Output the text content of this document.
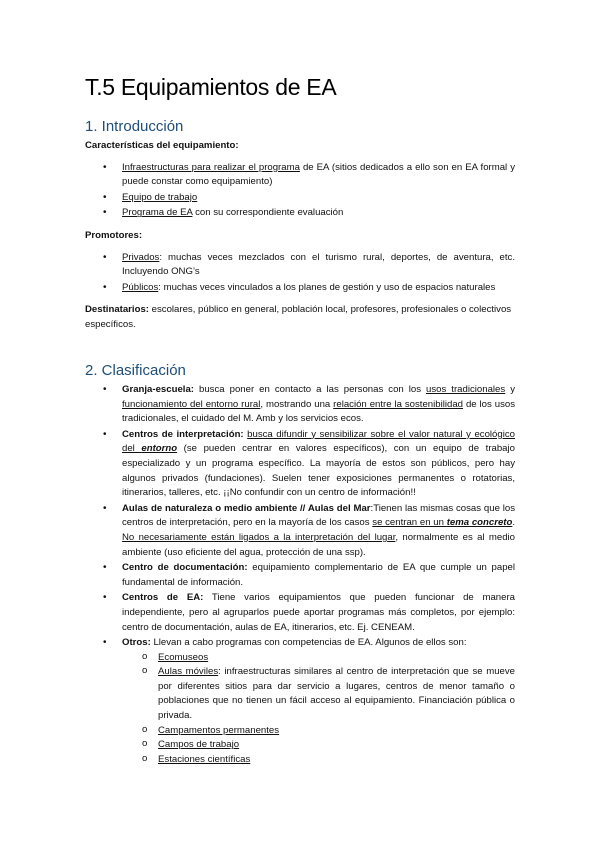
T.5 Equipamientos de EA
1. Introducción

Características del equipamiento:

• Infraestructuras para realizar el programa de EA (sitios dedicados a ello son en EA formal y puede constar como equipamiento)
• Equipo de trabajo
• Programa de EA con su correspondiente evaluación

Promotores:

• Privados: muchas veces mezclados con el turismo rural, deportes, de aventura, etc. Incluyendo ONG’s
• Públicos: muchas veces vinculados a los planes de gestión y uso de espacios naturales

Destinatarios: escolares, público en general, población local, profesores, profesionales o colectivos específicos.

2. Clasificación
• Granja-escuela: busca poner en contacto a las personas con los usos tradicionales y funcionamiento del entorno rural, mostrando una relación entre la sostenibilidad de los usos tradicionales, el cuidado del M. Amb y los servicios ecos.
• Centros de interpretación: busca difundir y sensibilizar sobre el valor natural y ecológico del entorno (se pueden centrar en valores específicos), con un equipo de trabajo especializado y un programa específico. La mayoría de estos son públicos, pero hay algunos privados (fundaciones). Suelen tener exposiciones permanentes o rotatorias, itinerarios, talleres, etc. ¡¡No confundir con un centro de información!!
• Aulas de naturaleza o medio ambiente // Aulas del Mar:Tienen las mismas cosas que los centros de interpretación, pero en la mayoría de los casos se centran en un tema concreto. No necesariamente están ligados a la interpretación del lugar, normalmente es al medio ambiente (uso eficiente del agua, protección de una ssp).
• Centro de documentación: equipamiento complementario de EA que cumple un papel fundamental de información.
• Centros de EA: Tiene varios equipamientos que pueden funcionar de manera independiente, pero al agruparlos puede aportar programas más completos, por ejemplo: centro de documentación, aulas de EA, itinerarios, etc. Ej. CENEAM.
• Otros: Llevan a cabo programas con competencias de EA. Algunos de ellos son:
o Ecomuseos
o Aulas móviles: infraestructuras similares al centro de interpretación que se mueve por diferentes sitios para dar servicio a lugares, centros de menor tamaño o poblaciones que no tienen un fácil acceso al equipamiento. Financiación pública o privada.
o Campamentos permanentes
o Campos de trabajo
o Estaciones científicas
